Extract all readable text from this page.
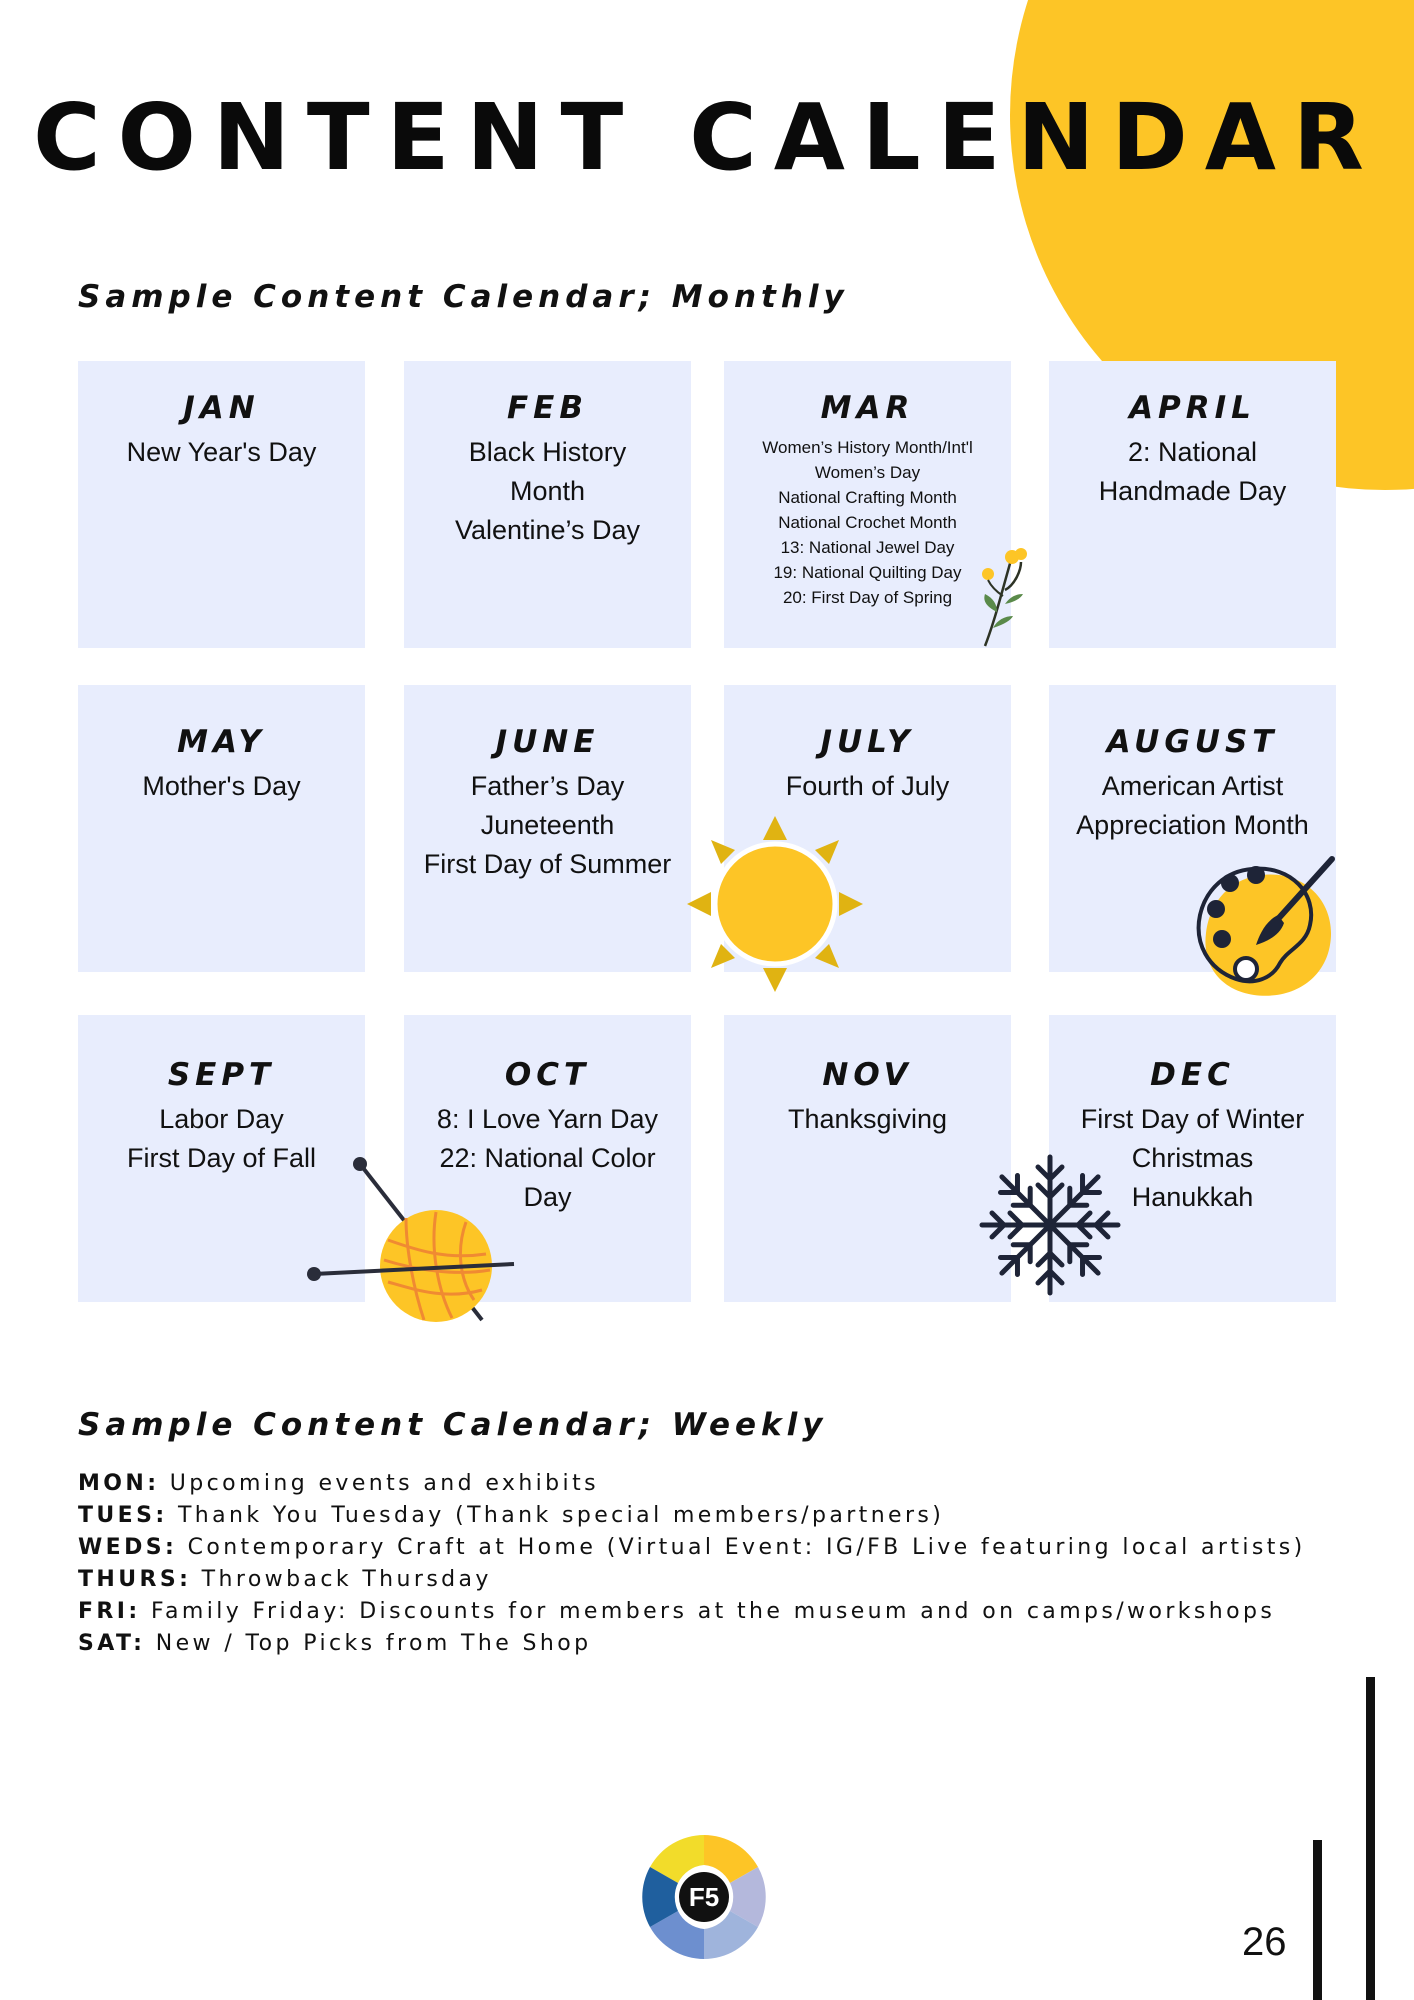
CONTENT CALENDAR
Sample Content Calendar; Monthly
JAN
New Year's Day
FEB
Black History
Month
Valentine’s Day
MAR
Women’s History Month/Int'l
Women’s Day
National Crafting Month
National Crochet Month
13: National Jewel Day
19: National Quilting Day
20: First Day of Spring
APRIL
2: National
Handmade Day
MAY
Mother's Day
JUNE
Father’s Day
Juneteenth
First Day of Summer
JULY
Fourth of July
AUGUST
American Artist
Appreciation Month
SEPT
Labor Day
First Day of Fall
OCT
8: I Love Yarn Day
22: National Color
Day
NOV
Thanksgiving
DEC
First Day of Winter
Christmas
Hanukkah
Sample Content Calendar; Weekly
MON: Upcoming events and exhibits
TUES: Thank You Tuesday (Thank special members/partners)
WEDS: Contemporary Craft at Home (Virtual Event: IG/FB Live featuring local artists)
THURS: Throwback Thursday
FRI: Family Friday: Discounts for members at the museum and on camps/workshops
SAT: New / Top Picks from The Shop
F5
26
